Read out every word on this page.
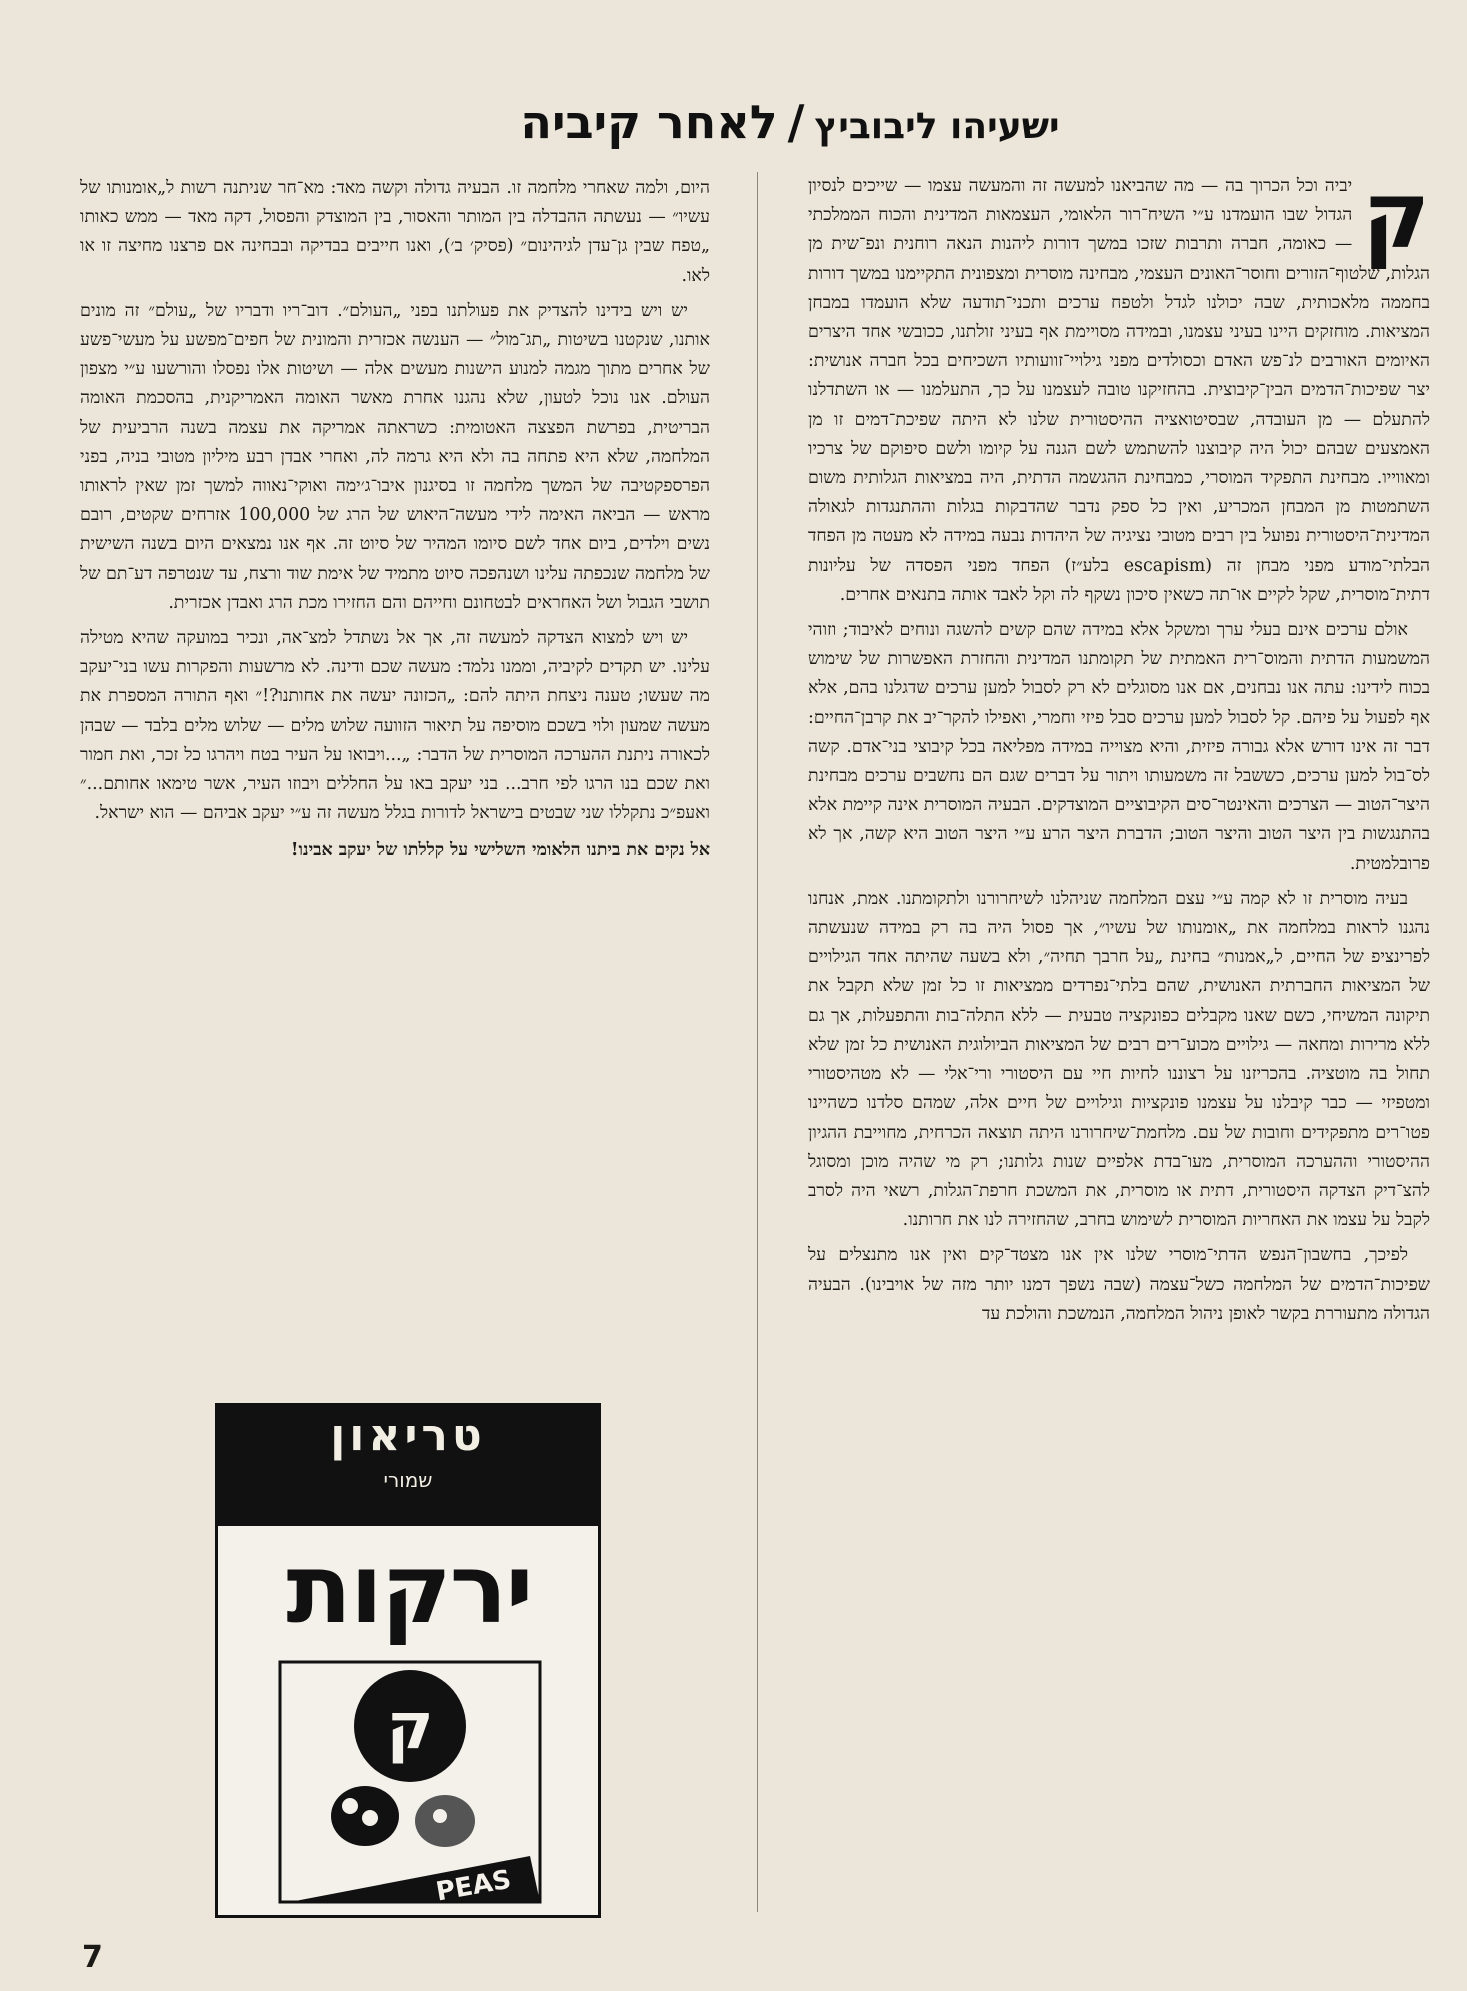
ישעיהו ליבוביץ/לאחר קיביה

ק
יביה וכל הכרוך בה — מה שהביאנו למעשה זה והמעשה עצמו — שייכים לנסיון הגדול שבו הועמדנו ע״י השיח־רור הלאומי, העצמאות המדינית והכוח הממלכתי — כאומה, חברה ותרבות שזכו במשך דורות ליהנות הנאה רוחנית ונפ־שית מן הגלות, שלטוף־הזורים וחוסר־האונים העצמי, מבחינה מוסרית ומצפונית התקיימנו במשך דורות בחממה מלאכותית, שבה יכולנו לגדל ולטפח ערכים ותכני־תודעה שלא הועמדו במבחן המציאות. מוחזקים היינו בעיני עצמנו, ובמידה מסויימת אף בעיני זולתנו, ככובשי אחד היצרים האיומים האורבים לנ־פש האדם וכסולדים מפני גילויי־זוועותיו השכיחים בכל חברה אנושית: יצר שפיכות־הדמים הבין־קיבוצית. בהחזיקנו טובה לעצמנו על כך, התעלמנו — או השתדלנו להתעלם — מן העובדה, שבסיטואציה ההיסטורית שלנו לא היתה שפיכת־דמים זו מן האמצעים שבהם יכול היה קיבוצנו להשתמש לשם הגנה על קיומו ולשם סיפוקם של צרכיו ומאווייו. מבחינת התפקיד המוסרי, כמבחינת ההגשמה הדתית, היה במציאות הגלותית משום השתמטות מן המבחן המכריע, ואין כל ספק נדבר שהדבקות בגלות וההתנגדות לגאולה המדינית־היסטורית נפועל בין רבים מטובי נציגיה של היהדות נבעה במידה לא מעטה מן הפחד הבלתי־מודע מפני מבחן זה (escapism בלע״ז) הפחד מפני הפסדה של עליונות דתית־מוסרית, שקל לקיים או־תה כשאין סיכון נשקף לה וקל לאבד אותה בתנאים אחרים.

אולם ערכים אינם בעלי ערך ומשקל אלא במידה שהם קשים להשגה ונוחים לאיבוד; וזוהי המשמעות הדתית והמוס־רית האמתית של תקומתנו המדינית והחזרת האפשרות של שימוש בכוח לידינו: עתה אנו נבחנים, אם אנו מסוגלים לא רק לסבול למען ערכים שדגלנו בהם, אלא אף לפעול על פיהם. קל לסבול למען ערכים סבל פיזי וחמרי, ואפילו להקר־יב את קרבן־החיים: דבר זה אינו דורש אלא גבורה פיזית, והיא מצוייה במידה מפליאה בכל קיבוצי בני־אדם. קשה לס־בול למען ערכים, כששבל זה משמעותו ויתור על דברים שגם הם נחשבים ערכים מבחינת היצר־הטוב — הצרכים והאינטר־סים הקיבוציים המוצדקים. הבעיה המוסרית אינה קיימת אלא בהתנגשות בין היצר הטוב והיצר הטוב; הדברת היצר הרע ע״י היצר הטוב היא קשה, אך לא פרובלמטית.

בעיה מוסרית זו לא קמה ע״י עצם המלחמה שניהלנו לשיחרורנו ולתקומתנו. אמת, אנחנו נהגנו לראות במלחמה את „אומנותו של עשיו״, אך פסול היה בה רק במידה שנעשתה לפרינציפ של החיים, ל„אמנות״ בחינת „על חרבך תחיה״, ולא בשעה שהיתה אחד הגילויים של המציאות החברתית האנושית, שהם בלתי־נפרדים ממציאות זו כל זמן שלא תקבל את תיקונה המשיחי, כשם שאנו מקבלים כפונקציה טבעית — ללא התלה־בות והתפעלות, אך גם ללא מרירות ומחאה — גילויים מכוע־רים רבים של המציאות הביולוגית האנושית כל זמן שלא תחול בה מוטציה. בהכריזנו על רצוננו לחיות חיי עם היסטורי ורי־אלי — לא מטהיסטורי ומטפיזי — כבר קיבלנו על עצמנו פונקציות וגילויים של חיים אלה, שמהם סלדנו כשהיינו פטו־רים מתפקידים וחובות של עם. מלחמת־שיחרורנו היתה תוצאה הכרחית, מחוייבת ההגיון ההיסטורי וההערכה המוסרית, מעו־בדת אלפיים שנות גלותנו; רק מי שהיה מוכן ומסוגל להצ־דיק הצדקה היסטורית, דתית או מוסרית, את המשכת חרפת־הגלות, רשאי היה לסרב לקבל על עצמו את האחריות המוסרית לשימוש בחרב, שהחזירה לנו את חרותנו.

לפיכך, בחשבון־הנפש הדתי־מוסרי שלנו אין אנו מצטד־קים ואין אנו מתנצלים על שפיכות־הדמים של המלחמה כשל־עצמה (שבה נשפך דמנו יותר מזה של אויבינו). הבעיה הגדולה מתעוררת בקשר לאופן ניהול המלחמה, הנמשכת והולכת עד

היום, ולמה שאחרי מלחמה זו. הבעיה גדולה וקשה מאד: מא־חר שניתנה רשות ל„אומנותו של עשיו״ — נעשתה ההבדלה בין המותר והאסור, בין המוצדק והפסול, דקה מאד — ממש כאותו „טפח שבין גן־עדן לגיהינום״ (פסיק׳ ב׳), ואנו חייבים בבדיקה ובבחינה אם פרצנו מחיצה זו או לאו.

יש ויש בידינו להצדיק את פעולתנו בפני „העולם״. דוב־ריו ודבריו של „עולם״ זה מונים אותנו, שנקטנו בשיטות „תג־מול״ — הענשה אכזרית והמונית של חפים־מפשע על מעשי־פשע של אחרים מתוך מגמה למנוע הישנות מעשים אלה — ושיטות אלו נפסלו והורשעו ע״י מצפון העולם. אנו נוכל לטעון, שלא נהגנו אחרת מאשר האומה האמריקנית, בהסכמת האומה הבריטית, בפרשת הפצצה האטומית: כשראתה אמריקה את עצמה בשנה הרביעית של המלחמה, שלא היא פתחה בה ולא היא גרמה לה, ואחרי אבדן רבע מיליון מטובי בניה, בפני הפרספקטיבה של המשך מלחמה זו בסיגנון איבו־ג׳ימה ואוקי־נאווה למשך זמן שאין לראותו מראש — הביאה האימה לידי מעשה־היאוש של הרג של 100,000 אזרחים שקטים, רובם נשים וילדים, ביום אחד לשם סיומו המהיר של סיוט זה. אף אנו נמצאים היום בשנה השישית של מלחמה שנכפתה עלינו ושנהפכה סיוט מתמיד של אימת שוד ורצח, עד שנטרפה דע־תם של תושבי הגבול ושל האחראים לבטחונם וחייהם והם החזירו מכת הרג ואבדן אכזרית.

יש ויש למצוא הצדקה למעשה זה, אך אל נשתדל למצ־אה, ונכיר במועקה שהיא מטילה עלינו. יש תקדים לקיביה, וממנו נלמד: מעשה שכם ודינה. לא מרשעות והפקרות עשו בני־יעקב מה שעשו; טענה ניצחת היתה להם: „הכזונה יעשה את אחותנו?!״ ואף התורה המספרת את מעשה שמעון ולוי בשכם מוסיפה על תיאור הזוועה שלוש מלים — שלוש מלים בלבד — שבהן לכאורה ניתנת ההערכה המוסרית של הדבר: „...ויבואו על העיר בטח ויהרגו כל זכר, ואת חמור ואת שכם בנו הרגו לפי חרב... בני יעקב באו על החללים ויבוזו העיר, אשר טימאו אחותם...״ ואעפ״כ נתקללו שני שבטים בישראל לדורות בגלל מעשה זה ע״י יעקב אביהם — הוא ישראל.

אל נקים את ביתנו הלאומי השלישי על קללתו של יעקב אבינו!

טריאון
שמורי
ירקות
ק
PEAS
7
